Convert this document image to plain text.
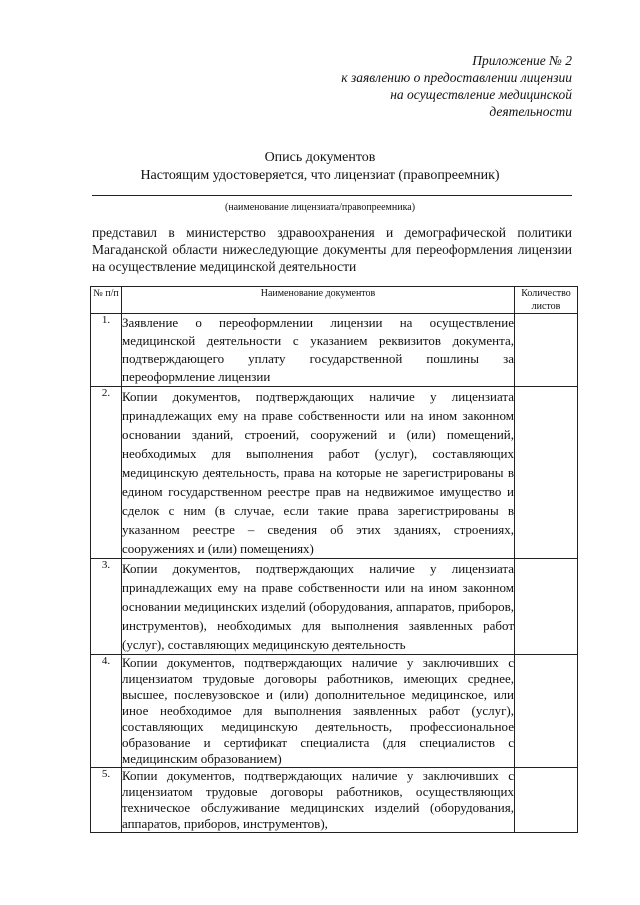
Приложение № 2
к заявлению о предоставлении лицензии
на осуществление медицинской
деятельности
Опись документов
Настоящим удостоверяется, что лицензиат (правопреемник)
(наименование лицензиата/правопреемника)
представил в министерство здравоохранения и демографической политики Магаданской области нижеследующие документы для переоформления лицензии на осуществление медицинской деятельности
№ п/п	Наименование документов	Количество листов
1.	Заявление о переоформлении лицензии на осуществление медицинской деятельности с указанием реквизитов документа, подтверждающего уплату государственной пошлины за переоформление лицензии	
2.	Копии документов, подтверждающих наличие у лицензиата принадлежащих ему на праве собственности или на ином законном основании зданий, строений, сооружений и (или) помещений, необходимых для выполнения работ (услуг), составляющих медицинскую деятельность, права на которые не зарегистрированы в едином государственном реестре прав на недвижимое имущество и сделок с ним (в случае, если такие права зарегистрированы в указанном реестре – сведения об этих зданиях, строениях, сооружениях и (или) помещениях)	
3.	Копии документов, подтверждающих наличие у лицензиата принадлежащих ему на праве собственности или на ином законном основании медицинских изделий (оборудования, аппаратов, приборов, инструментов), необходимых для выполнения заявленных работ (услуг), составляющих медицинскую деятельность	
4.	Копии документов, подтверждающих наличие у заключивших с лицензиатом трудовые договоры работников, имеющих среднее, высшее, послевузовское и (или) дополнительное медицинское, или иное необходимое для выполнения заявленных работ (услуг), составляющих медицинскую деятельность, профессиональное образование и сертификат специалиста (для специалистов с медицинским образованием)	
5.	Копии документов, подтверждающих наличие у заключивших с лицензиатом трудовые договоры работников, осуществляющих техническое обслуживание медицинских изделий (оборудования, аппаратов, приборов, инструментов),	
